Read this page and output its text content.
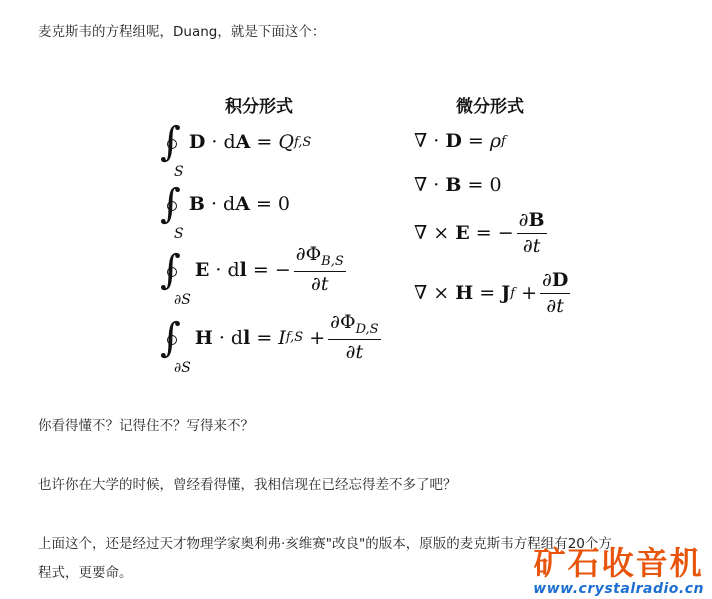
麦克斯韦的方程组呢，Duang，就是下面这个：
积分形式	微分形式
∫
S
D · d A = Q f,S
∫
S
B · d A = 0
∫
∂S
E · d l = − $\frac{\partial\Phi_{B,S}}{\partial t}$
∫
∂S
H · d l = I $f,S + \frac{\partial\Phi_{D,S}}{\partial t}$
∇ · D = ρ f
∇ · B = 0
∇ × E = − $\frac{\partial B}{\partial t}$
∇ × H = J $f + \frac{\partial D}{\partial t}$
你看得懂不？记得住不？写得来不？
也许你在大学的时候，曾经看得懂，我相信现在已经忘得差不多了吧？
上面这个，还是经过天才物理学家奥利弗·亥维赛"改良"的版本，原版的麦克斯韦方程组有20个方
程式，更要命。	矿石收音机
www.crystalradio.cn
